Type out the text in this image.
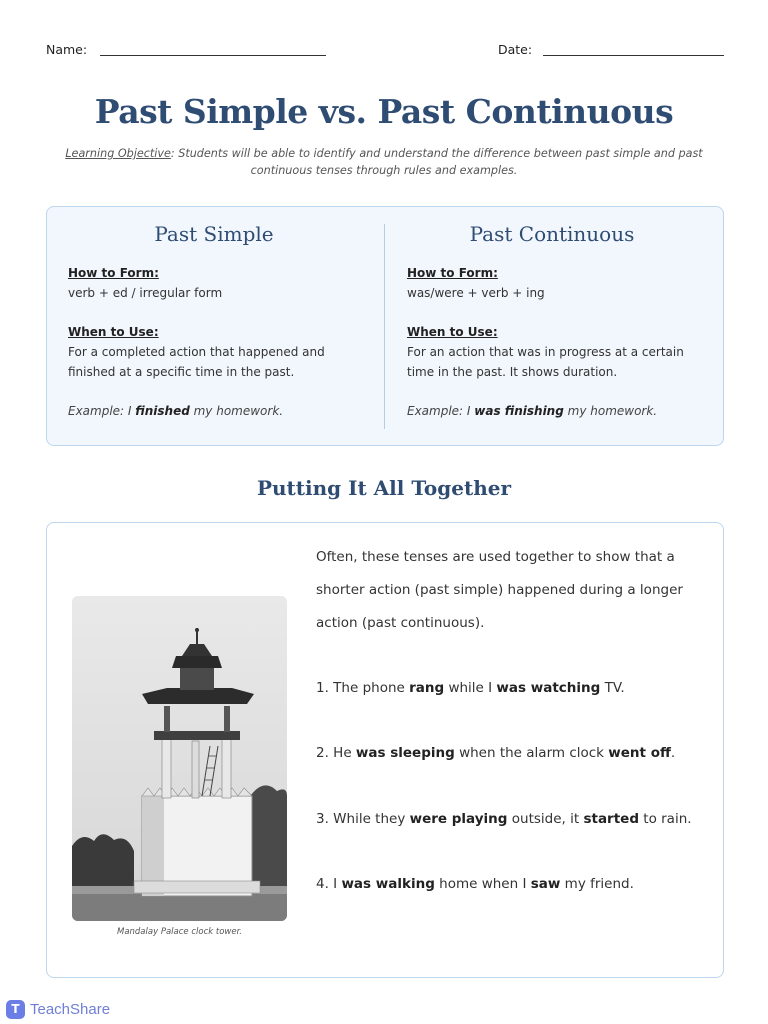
Name:	Date:
Past Simple vs. Past Continuous

Learning Objective: Students will be able to identify and understand the difference between past simple and past continuous tenses through rules and examples.

Past Simple
How to Form:
verb + ed / irregular form
When to Use:
For a completed action that happened and finished at a specific time in the past.
Example: I finished my homework.
Past Continuous
How to Form:
was/were + verb + ing
When to Use:
For an action that was in progress at a certain time in the past. It shows duration.
Example: I was finishing my homework.
Putting It All Together
Mandalay Palace clock tower.

Often, these tenses are used together to show that a shorter action (past simple) happened during a longer action (past continuous).

1. The phone rang while I was watching TV.

2. He was sleeping when the alarm clock went off.

3. While they were playing outside, it started to rain.

4. I was walking home when I saw my friend.

T TeachShare
